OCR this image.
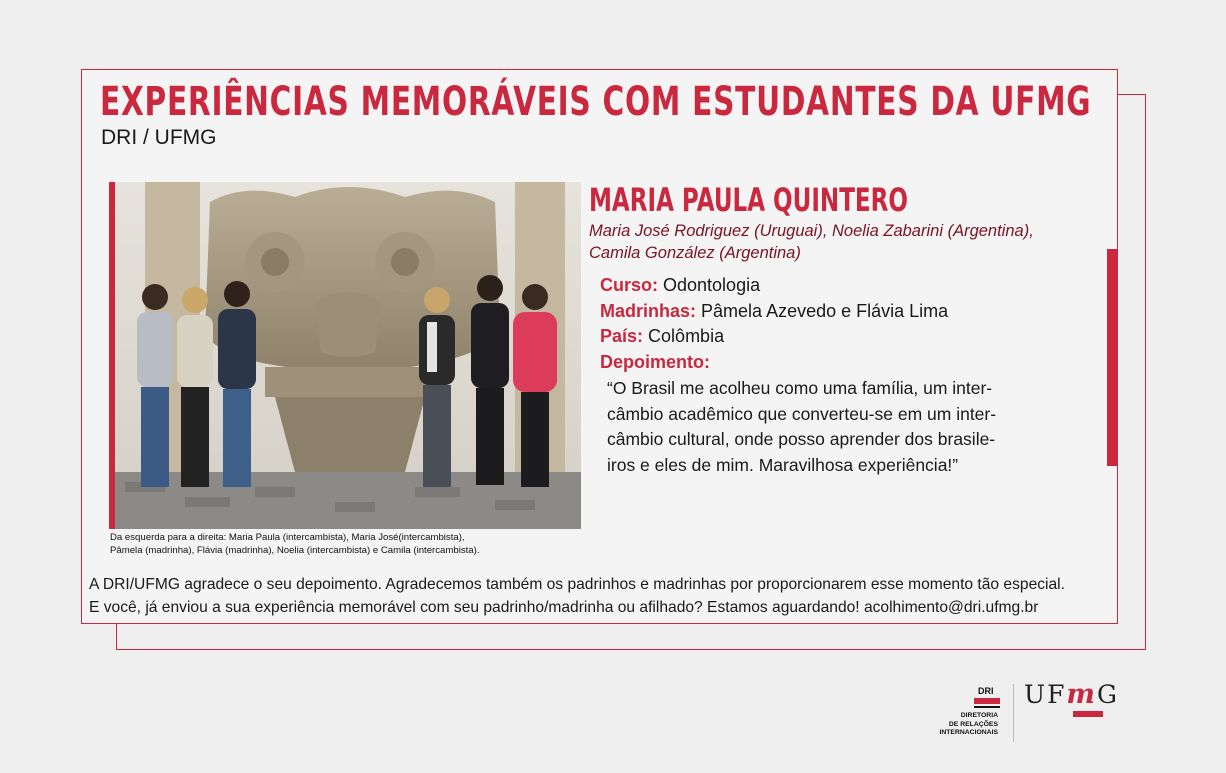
EXPERIÊNCIAS MEMORÁVEIS COM ESTUDANTES DA UFMG
DRI / UFMG
Da esquerda para a direita: Maria Paula (intercambista), Maria José(intercambista),
Pâmela (madrinha), Flávia (madrinha), Noelia (intercambista) e Camila (intercambista).
MARIA PAULA QUINTERO
Maria José Rodriguez (Uruguai), Noelia Zabarini (Argentina),
Camila González (Argentina)
Curso: Odontologia
Madrinhas: Pâmela Azevedo e Flávia Lima
País: Colômbia
Depoimento:
“O Brasil me acolheu como uma família, um inter-
câmbio acadêmico que converteu-se em um inter-
câmbio cultural, onde posso aprender dos brasile-
iros e eles de mim. Maravilhosa experiência!”
A DRI/UFMG agradece o seu depoimento. Agradecemos também os padrinhos e madrinhas por proporcionarem esse momento tão especial.
E você, já enviou a sua experiência memorável com seu padrinho/madrinha ou afilhado? Estamos aguardando! acolhimento@dri.ufmg.br
DRI
DIRETORIA
DE RELAÇÕES
INTERNACIONAIS
UFmG
